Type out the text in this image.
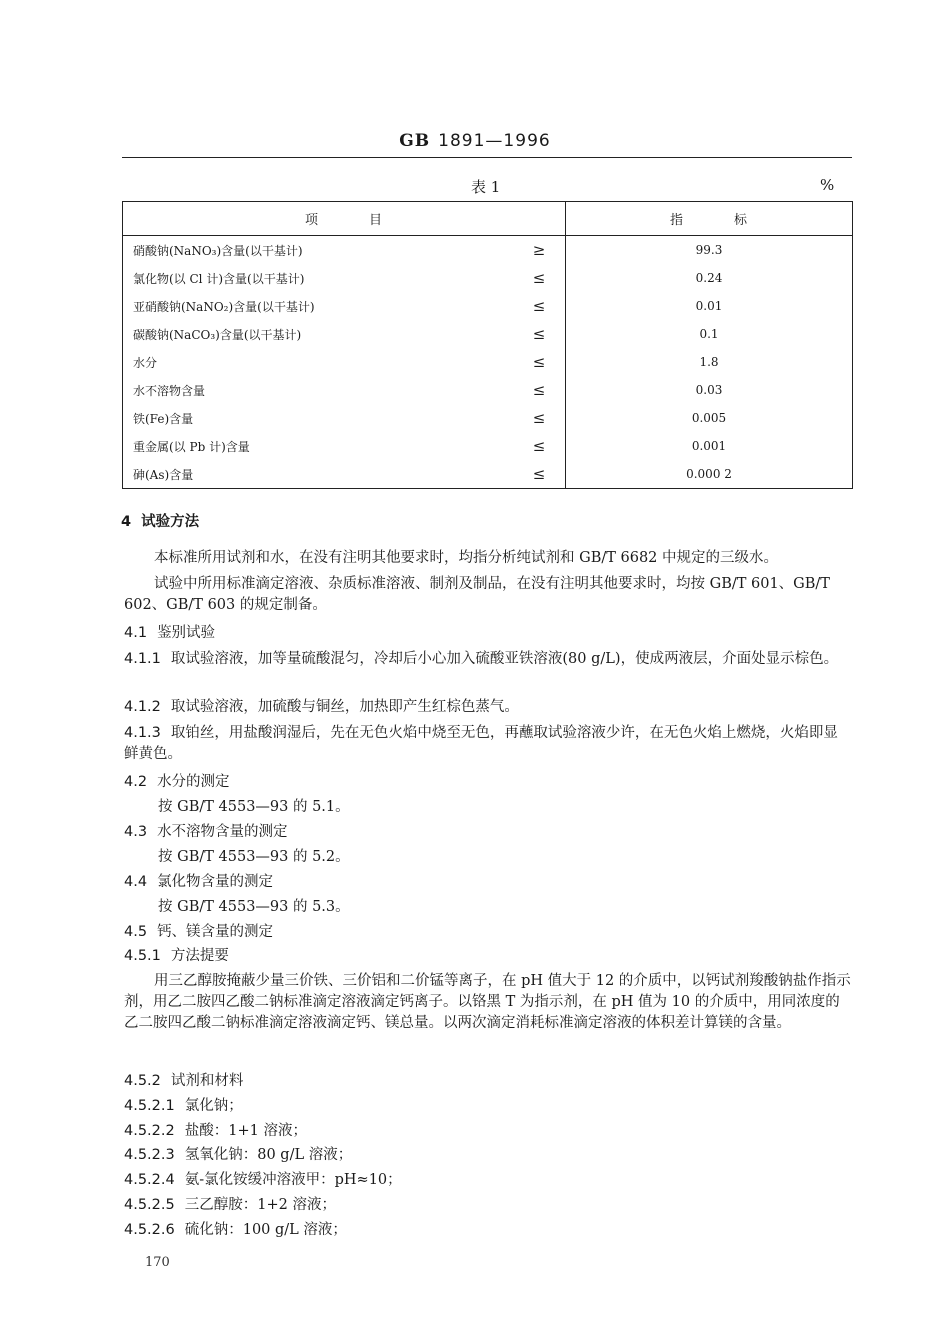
GB 1891—1996
表 1	%
项 目		指 标
硝酸钠(NaNO₃)含量(以干基计)	≥	99.3
氯化物(以 Cl 计)含量(以干基计)	≤	0.24
亚硝酸钠(NaNO₂)含量(以干基计)	≤	0.01
碳酸钠(NaCO₃)含量(以干基计)	≤	0.1
水分	≤	1.8
水不溶物含量	≤	0.03
铁(Fe)含量	≤	0.005
重金属(以 Pb 计)含量	≤	0.001
砷(As)含量	≤	0.000 2
4 试验方法
本标准所用试剂和水，在没有注明其他要求时，均指分析纯试剂和 GB/T 6682 中规定的三级水。
试验中所用标准滴定溶液、杂质标准溶液、制剂及制品，在没有注明其他要求时，均按 GB/T 601、GB/T 602、GB/T 603 的规定制备。
4.1 鉴别试验
4.1.1 取试验溶液，加等量硫酸混匀，冷却后小心加入硫酸亚铁溶液(80 g/L)，使成两液层，介面处显示棕色。
4.1.2 取试验溶液，加硫酸与铜丝，加热即产生红棕色蒸气。
4.1.3 取铂丝，用盐酸润湿后，先在无色火焰中烧至无色，再蘸取试验溶液少许，在无色火焰上燃烧，火焰即显鲜黄色。
4.2 水分的测定
按 GB/T 4553—93 的 5.1。
4.3 水不溶物含量的测定
按 GB/T 4553—93 的 5.2。
4.4 氯化物含量的测定
按 GB/T 4553—93 的 5.3。
4.5 钙、镁含量的测定
4.5.1 方法提要
用三乙醇胺掩蔽少量三价铁、三价铝和二价锰等离子，在 pH 值大于 12 的介质中，以钙试剂羧酸钠盐作指示剂，用乙二胺四乙酸二钠标准滴定溶液滴定钙离子。以铬黑 T 为指示剂，在 pH 值为 10 的介质中，用同浓度的乙二胺四乙酸二钠标准滴定溶液滴定钙、镁总量。以两次滴定消耗标准滴定溶液的体积差计算镁的含量。
4.5.2 试剂和材料
4.5.2.1 氯化钠；
4.5.2.2 盐酸：1+1 溶液；
4.5.2.3 氢氧化钠：80 g/L 溶液；
4.5.2.4 氨-氯化铵缓冲溶液甲：pH≈10；
4.5.2.5 三乙醇胺：1+2 溶液；
4.5.2.6 硫化钠：100 g/L 溶液；
170
